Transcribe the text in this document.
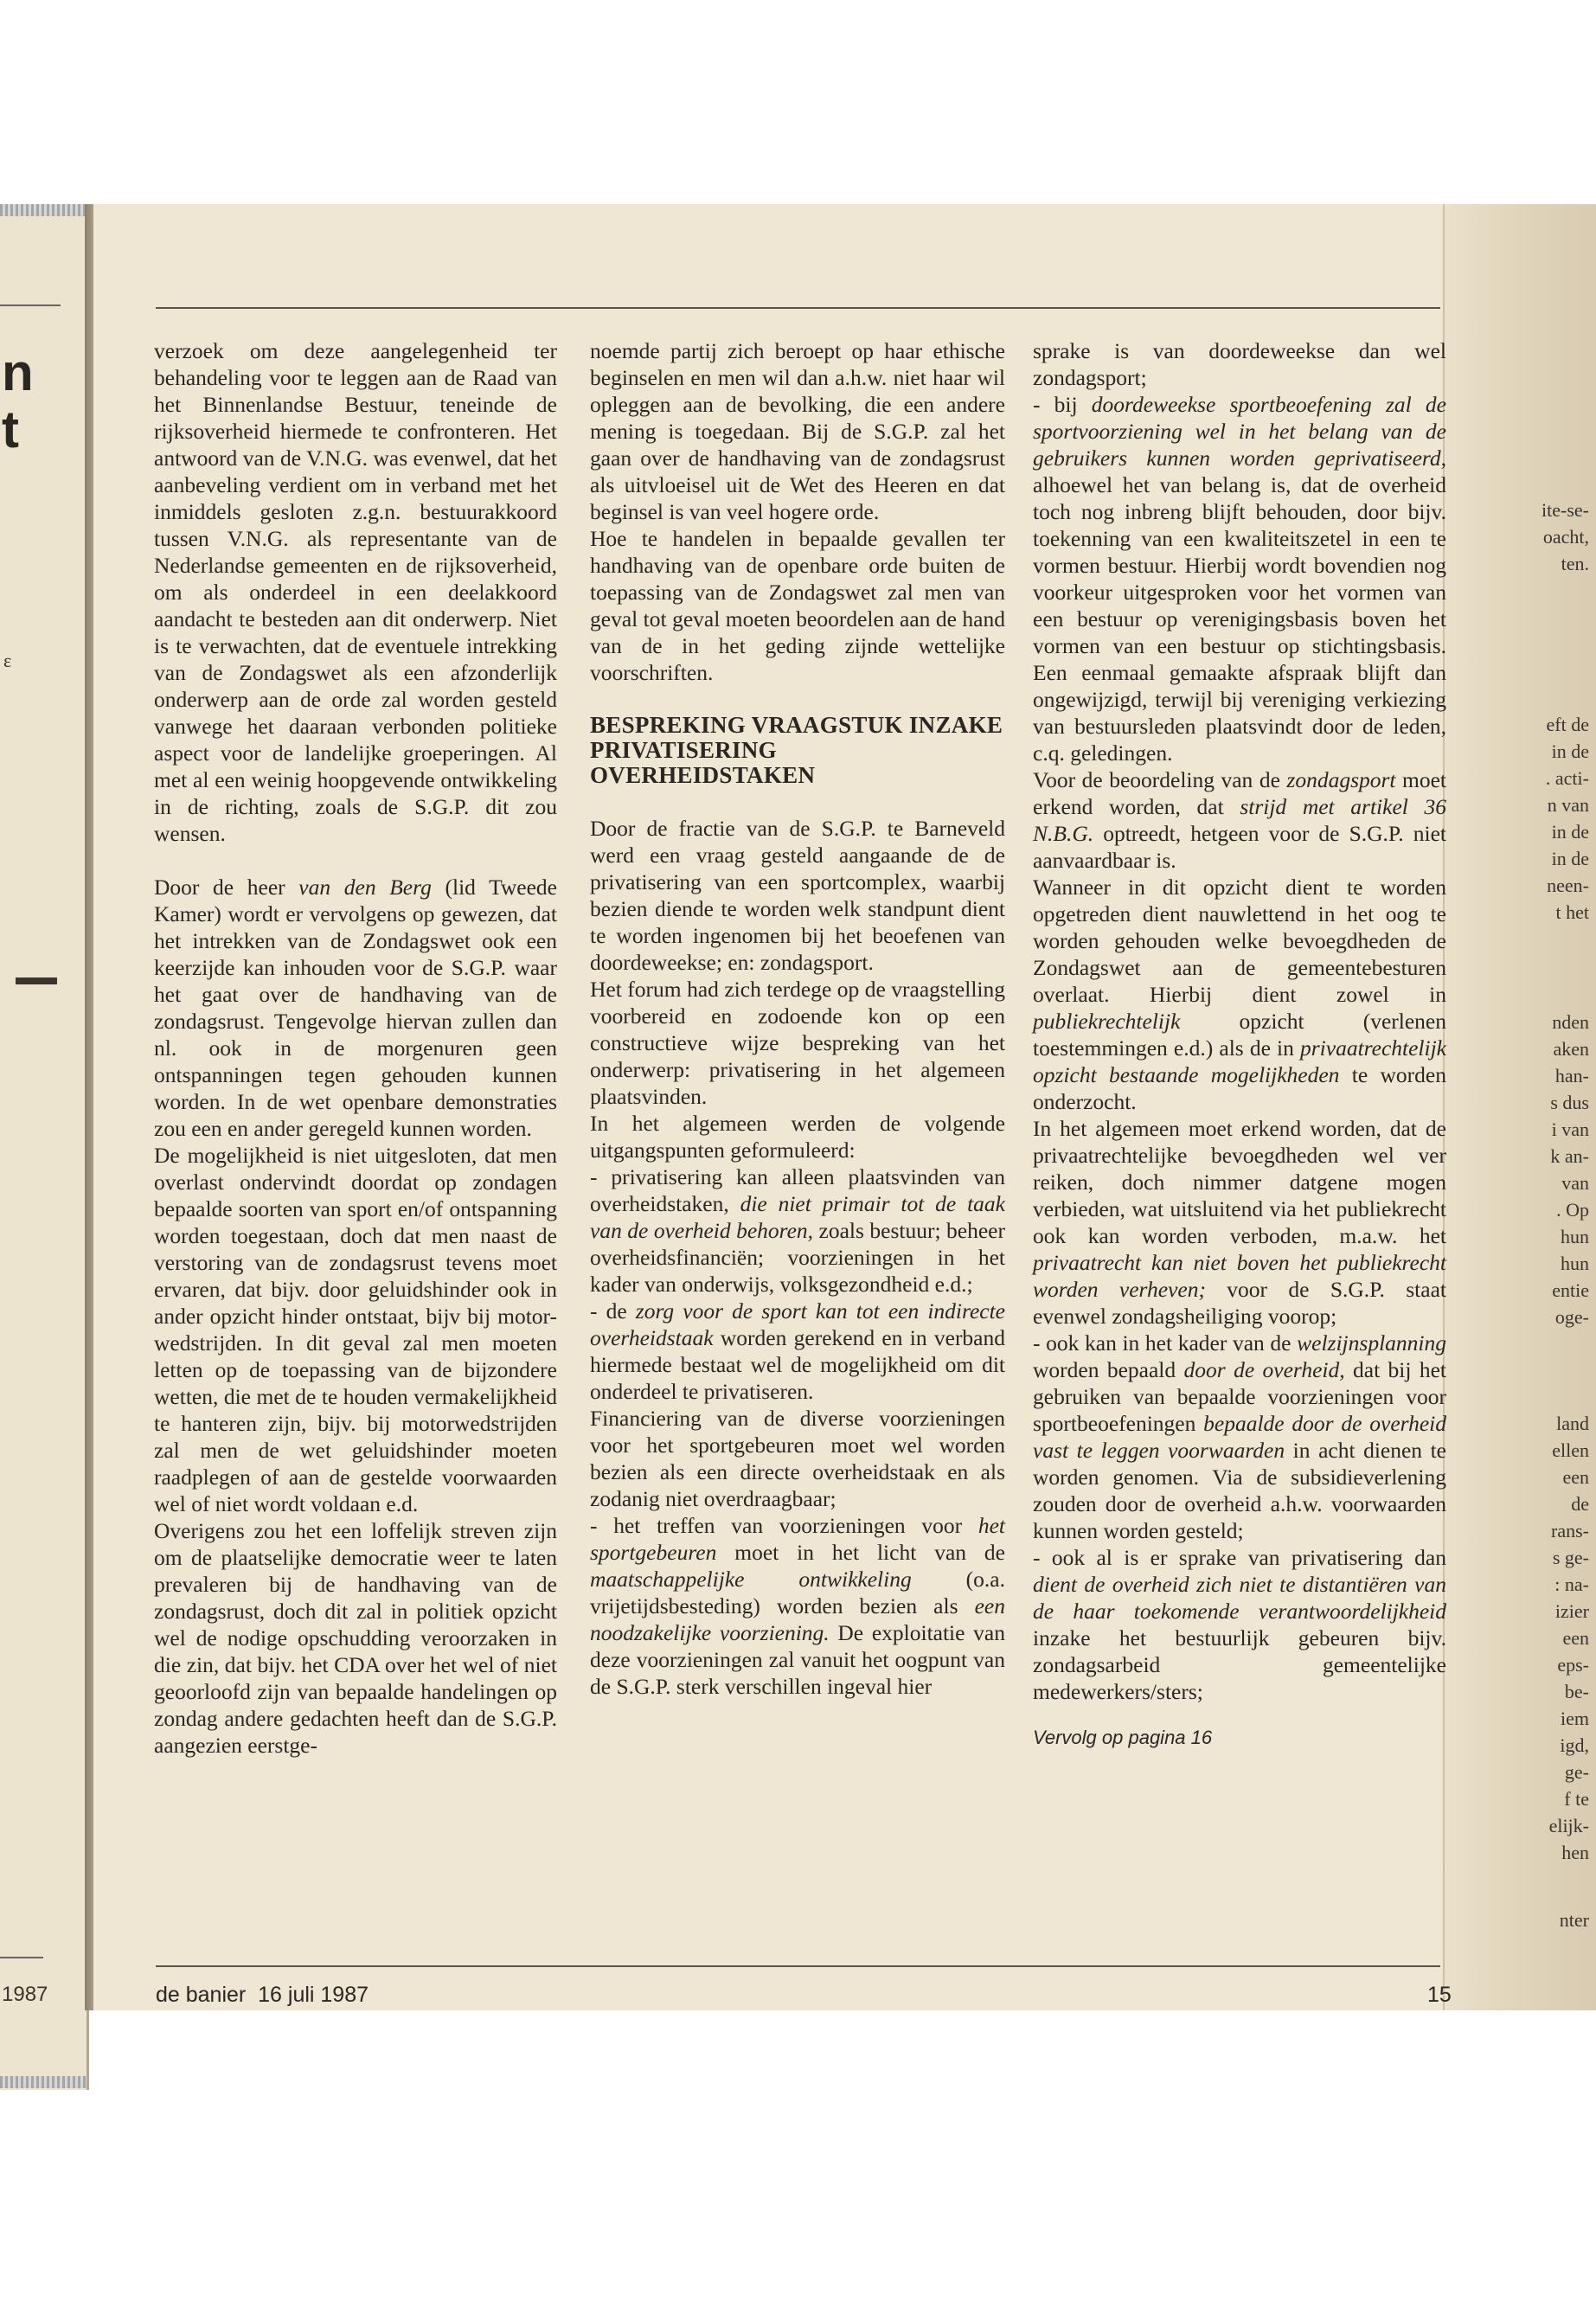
n
t
ite-se-
oacht,
ten.
ε
eft de
in de
. acti-
n van
in de
in de
neen-
t het
nden
aken
han-
s dus
i van
k an-
van
. Op
hun
hun
entie
oge-
land
ellen
een
de
rans-
s ge-
: na-
izier
een
eps-
be-
iem
igd,
ge-
f te
elijk-
hen
nter
1987

verzoek om deze aangelegenheid ter behandeling voor te leggen aan de Raad van het Binnenlandse Bestuur, teneinde de rijksoverheid hiermede te confronteren. Het antwoord van de V.N.G. was evenwel, dat het aanbeveling verdient om in verband met het inmiddels gesloten z.g.n. bestuurakkoord tussen V.N.G. als representante van de Nederlandse gemeenten en de rijksoverheid, om als onderdeel in een deelakkoord aandacht te besteden aan dit onderwerp. Niet is te verwachten, dat de eventuele intrekking van de Zondagswet als een afzonderlijk onderwerp aan de orde zal worden gesteld vanwege het daaraan verbonden politieke aspect voor de landelijke groeperingen. Al met al een weinig hoopgevende ontwikkeling in de richting, zoals de S.G.P. dit zou wensen.

Door de heer van den Berg (lid Tweede Kamer) wordt er vervolgens op gewezen, dat het intrekken van de Zondagswet ook een keerzijde kan inhouden voor de S.G.P. waar het gaat over de handhaving van de zondagsrust. Tengevolge hiervan zullen dan nl. ook in de morgenuren geen ontspanningen tegen gehouden kunnen worden. In de wet openbare demonstraties zou een en ander geregeld kunnen worden.

De mogelijkheid is niet uitgesloten, dat men overlast ondervindt doordat op zondagen bepaalde soorten van sport en/of ontspanning worden toegestaan, doch dat men naast de verstoring van de zondagsrust tevens moet ervaren, dat bijv. door geluidshinder ook in ander opzicht hinder ontstaat, bijv bij motor-wedstrijden. In dit geval zal men moeten letten op de toepassing van de bijzondere wetten, die met de te houden vermakelijkheid te hanteren zijn, bijv. bij motorwedstrijden zal men de wet geluidshinder moeten raadplegen of aan de gestelde voorwaarden wel of niet wordt voldaan e.d.

Overigens zou het een loffelijk streven zijn om de plaatselijke democratie weer te laten prevaleren bij de handhaving van de zondagsrust, doch dit zal in politiek opzicht wel de nodige opschudding veroorzaken in die zin, dat bijv. het CDA over het wel of niet geoorloofd zijn van bepaalde handelingen op zondag andere gedachten heeft dan de S.G.P. aangezien eerstge-

noemde partij zich beroept op haar ethische beginselen en men wil dan a.h.w. niet haar wil opleggen aan de bevolking, die een andere mening is toegedaan. Bij de S.G.P. zal het gaan over de handhaving van de zondagsrust als uitvloeisel uit de Wet des Heeren en dat beginsel is van veel hogere orde.

Hoe te handelen in bepaalde gevallen ter handhaving van de openbare orde buiten de toepassing van de Zondagswet zal men van geval tot geval moeten beoordelen aan de hand van de in het geding zijnde wettelijke voorschriften.

BESPREKING VRAAGSTUK INZAKE PRIVATISERING OVERHEIDSTAKEN

Door de fractie van de S.G.P. te Barneveld werd een vraag gesteld aangaande de de privatisering van een sportcomplex, waarbij bezien diende te worden welk standpunt dient te worden ingenomen bij het beoefenen van doordeweekse; en: zondagsport.

Het forum had zich terdege op de vraagstelling voorbereid en zodoende kon op een constructieve wijze bespreking van het onderwerp: privatisering in het algemeen plaatsvinden.

In het algemeen werden de volgende uitgangspunten geformuleerd:

- privatisering kan alleen plaatsvinden van overheidstaken, die niet primair tot de taak van de overheid behoren, zoals bestuur; beheer overheidsfinanciën; voorzieningen in het kader van onderwijs, volksgezondheid e.d.;

- de zorg voor de sport kan tot een indirecte overheidstaak worden gerekend en in verband hiermede bestaat wel de mogelijkheid om dit onderdeel te privatiseren.

Financiering van de diverse voorzieningen voor het sportgebeuren moet wel worden bezien als een directe overheidstaak en als zodanig niet overdraagbaar;

- het treffen van voorzieningen voor het sportgebeuren moet in het licht van de maatschappelijke ontwikkeling (o.a. vrijetijdsbesteding) worden bezien als een noodzakelijke voorziening. De exploitatie van deze voorzieningen zal vanuit het oogpunt van de S.G.P. sterk verschillen ingeval hier

sprake is van doordeweekse dan wel zondagsport;

- bij doordeweekse sportbeoefening zal de sportvoorziening wel in het belang van de gebruikers kunnen worden geprivatiseerd, alhoewel het van belang is, dat de overheid toch nog inbreng blijft behouden, door bijv. toekenning van een kwaliteitszetel in een te vormen bestuur. Hierbij wordt bovendien nog voorkeur uitgesproken voor het vormen van een bestuur op verenigingsbasis boven het vormen van een bestuur op stichtingsbasis. Een eenmaal gemaakte afspraak blijft dan ongewijzigd, terwijl bij vereniging verkiezing van bestuursleden plaatsvindt door de leden, c.q. geledingen.

Voor de beoordeling van de zondagsport moet erkend worden, dat strijd met artikel 36 N.B.G. optreedt, hetgeen voor de S.G.P. niet aanvaardbaar is.

Wanneer in dit opzicht dient te worden opgetreden dient nauwlettend in het oog te worden gehouden welke bevoegdheden de Zondagswet aan de gemeentebesturen overlaat. Hierbij dient zowel in publiekrechtelijk opzicht (verlenen toestemmingen e.d.) als de in privaatrechtelijk opzicht bestaande mogelijkheden te worden onderzocht.

In het algemeen moet erkend worden, dat de privaatrechtelijke bevoegdheden wel ver reiken, doch nimmer datgene mogen verbieden, wat uitsluitend via het publiekrecht ook kan worden verboden, m.a.w. het privaatrecht kan niet boven het publiekrecht worden verheven; voor de S.G.P. staat evenwel zondagsheiliging voorop;

- ook kan in het kader van de welzijnsplanning worden bepaald door de overheid, dat bij het gebruiken van bepaalde voorzieningen voor sportbeoefeningen bepaalde door de overheid vast te leggen voorwaarden in acht dienen te worden genomen. Via de subsidieverlening zouden door de overheid a.h.w. voorwaarden kunnen worden gesteld;

- ook al is er sprake van privatisering dan dient de overheid zich niet te distantiëren van de haar toekomende verantwoordelijkheid inzake het bestuurlijk gebeuren bijv. zondagsarbeid gemeentelijke medewerkers/sters;

Vervolg op pagina 16

de banier  16 juli 1987	15
